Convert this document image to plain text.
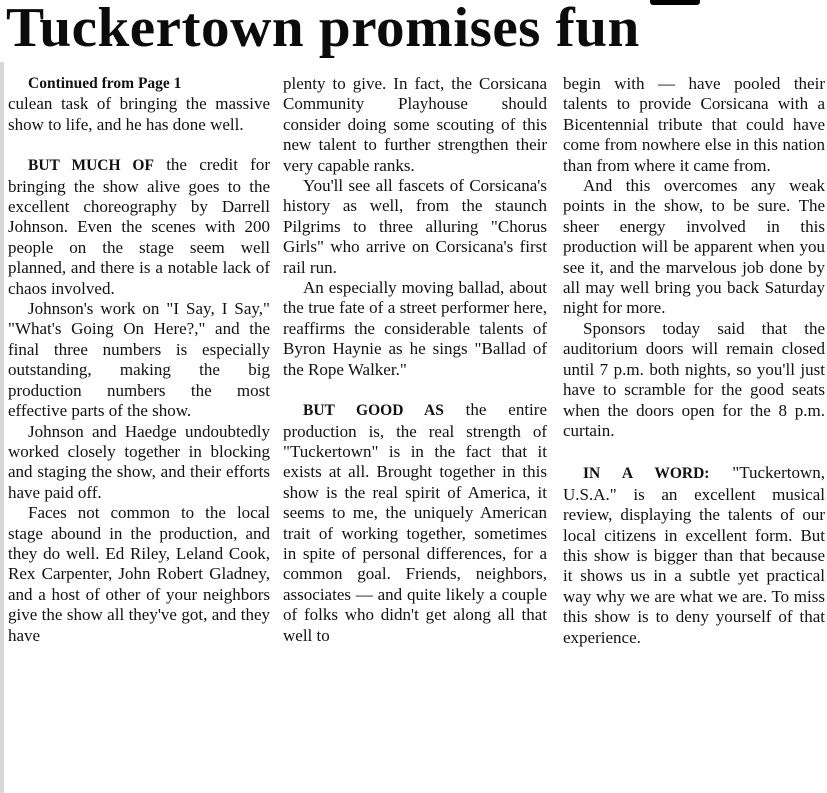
Tuckertown promises fun

Continued from Page 1

culean task of bringing the massive show to life, and he has done well.

BUT MUCH OF the credit for bringing the show alive goes to the excellent choreography by Darrell Johnson. Even the scenes with 200 people on the stage seem well planned, and there is a notable lack of chaos involved.

Johnson's work on "I Say, I Say," "What's Going On Here?," and the final three numbers is especially outstanding, making the big production numbers the most effective parts of the show.

Johnson and Haedge undoubtedly worked closely together in blocking and staging the show, and their efforts have paid off.

Faces not common to the local stage abound in the production, and they do well. Ed Riley, Leland Cook, Rex Carpenter, John Robert Gladney, and a host of other of your neighbors give the show all they've got, and they have

plenty to give. In fact, the Corsicana Community Playhouse should consider doing some scouting of this new talent to further strengthen their very capable ranks.

You'll see all fascets of Corsicana's history as well, from the staunch Pilgrims to three alluring "Chorus Girls" who arrive on Corsicana's first rail run.

An especially moving ballad, about the true fate of a street performer here, reaffirms the considerable talents of Byron Haynie as he sings "Ballad of the Rope Walker."

BUT GOOD AS the entire production is, the real strength of "Tuckertown" is in the fact that it exists at all. Brought together in this show is the real spirit of America, it seems to me, the uniquely American trait of working together, sometimes in spite of personal differences, for a common goal. Friends, neighbors, associates — and quite likely a couple of folks who didn't get along all that well to

begin with — have pooled their talents to provide Corsicana with a Bicentennial tribute that could have come from nowhere else in this nation than from where it came from.

And this overcomes any weak points in the show, to be sure. The sheer energy involved in this production will be apparent when you see it, and the marvelous job done by all may well bring you back Saturday night for more.

Sponsors today said that the auditorium doors will remain closed until 7 p.m. both nights, so you'll just have to scramble for the good seats when the doors open for the 8 p.m. curtain.

IN A WORD: "Tuckertown, U.S.A." is an excellent musical review, displaying the talents of our local citizens in excellent form. But this show is bigger than that because it shows us in a subtle yet practical way why we are what we are. To miss this show is to deny yourself of that experience.
